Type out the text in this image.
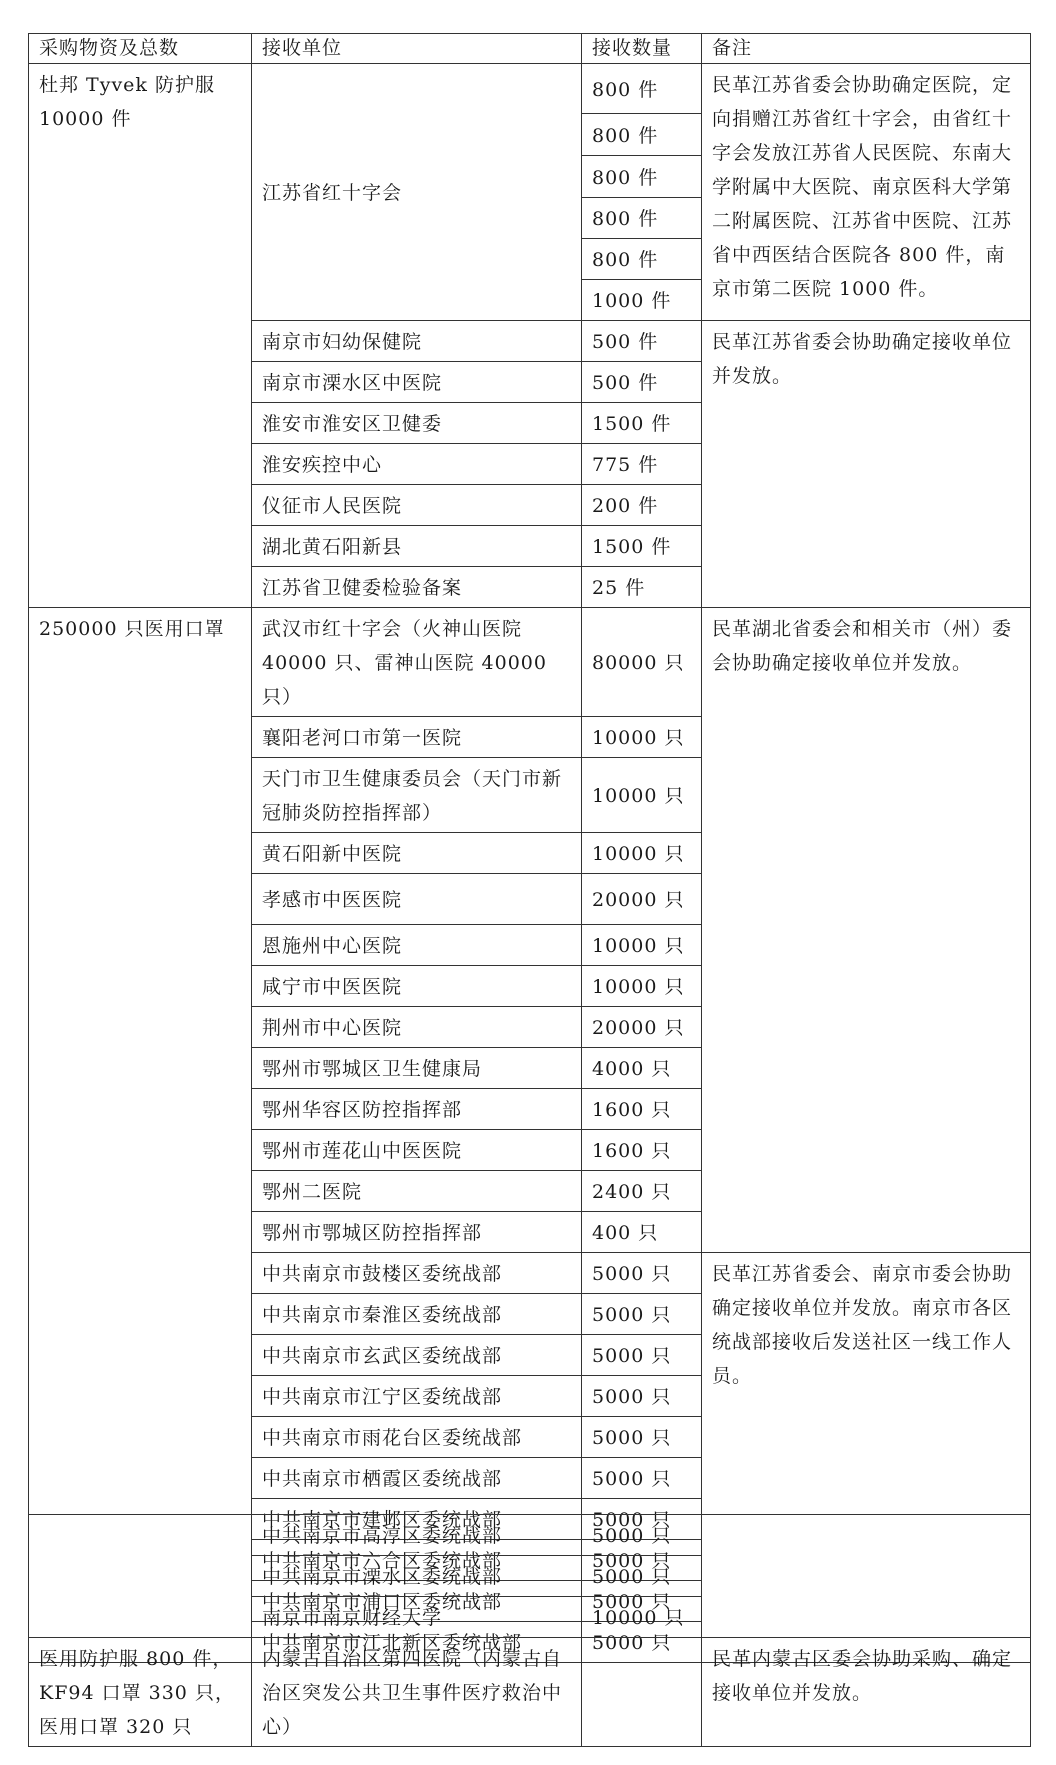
采购物资及总数	接收单位	接收数量	备注
杜邦 Tyvek 防护服 10000 件	江苏省红十字会	800 件	民革江苏省委会协助确定医院，定向捐赠江苏省红十字会，由省红十字会发放江苏省人民医院、东南大学附属中大医院、南京医科大学第二附属医院、江苏省中医院、江苏省中西医结合医院各 800 件，南京市第二医院 1000 件。
		800 件	
		800 件	
		800 件	
		800 件	
		1000 件	
	南京市妇幼保健院	500 件	民革江苏省委会协助确定接收单位并发放。
	南京市溧水区中医院	500 件	
	淮安市淮安区卫健委	1500 件	
	淮安疾控中心	775 件	
	仪征市人民医院	200 件	
	湖北黄石阳新县	1500 件	
	江苏省卫健委检验备案	25 件	
250000 只医用口罩	武汉市红十字会（火神山医院 40000 只、雷神山医院 40000 只）	80000 只	民革湖北省委会和相关市（州）委会协助确定接收单位并发放。
	襄阳老河口市第一医院	10000 只	
	天门市卫生健康委员会（天门市新冠肺炎防控指挥部）	10000 只	
	黄石阳新中医院	10000 只	
	孝感市中医医院	20000 只	
	恩施州中心医院	10000 只	
	咸宁市中医医院	10000 只	
	荆州市中心医院	20000 只	
	鄂州市鄂城区卫生健康局	4000 只	
	鄂州华容区防控指挥部	1600 只	
	鄂州市莲花山中医医院	1600 只	
	鄂州二医院	2400 只	
	鄂州市鄂城区防控指挥部	400 只	
	中共南京市鼓楼区委统战部	5000 只	民革江苏省委会、南京市委会协助确定接收单位并发放。南京市各区统战部接收后发送社区一线工作人员。
	中共南京市秦淮区委统战部	5000 只	
	中共南京市玄武区委统战部	5000 只	
	中共南京市江宁区委统战部	5000 只	
	中共南京市雨花台区委统战部	5000 只	
	中共南京市栖霞区委统战部	5000 只	
	中共南京市建邺区委统战部	5000 只	
	中共南京市六合区委统战部	5000 只	
	中共南京市浦口区委统战部	5000 只	
	中共南京市江北新区委统战部	5000 只	
	中共南京市高淳区委统战部	5000 只	
	中共南京市溧水区委统战部	5000 只	
	南京市南京财经大学	10000 只	
医用防护服 800 件，KF94 口罩 330 只，医用口罩 320 只	内蒙古自治区第四医院（内蒙古自治区突发公共卫生事件医疗救治中心）		民革内蒙古区委会协助采购、确定接收单位并发放。
